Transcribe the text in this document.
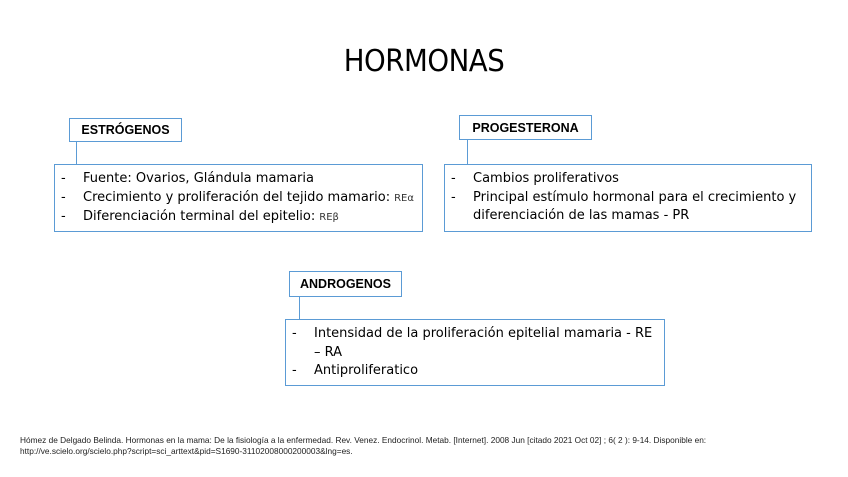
HORMONAS
ESTRÓGENOS
-	Fuente: Ovarios, Glándula mamaria
-	Crecimiento y proliferación del tejido mamario: REα
-	Diferenciación terminal del epitelio: REβ
PROGESTERONA
-	Cambios proliferativos
-	Principal estímulo hormonal para el crecimiento y diferenciación de las mamas - PR
ANDROGENOS
-	Intensidad de la proliferación epitelial mamaria - RE – RA
-	Antiproliferatico
Hómez de Delgado Belinda. Hormonas en la mama: De la fisiología a la enfermedad. Rev. Venez. Endocrinol. Metab. [Internet]. 2008 Jun [citado 2021 Oct 02] ; 6( 2 ): 9-14. Disponible en:
http://ve.scielo.org/scielo.php?script=sci_arttext&pid=S1690-31102008000200003&lng=es.
